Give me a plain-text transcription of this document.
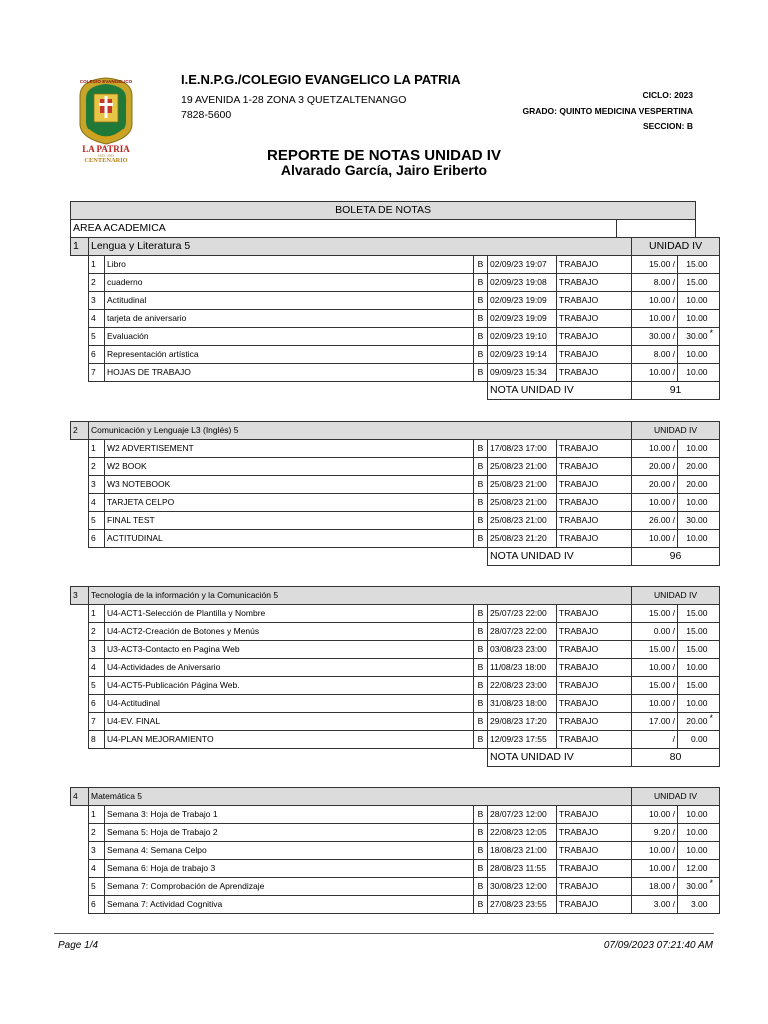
COLEGIO EVANGELICO
LA PATRIA
1923 - 2023
CENTENARIO
I.E.N.P.G./COLEGIO EVANGELICO LA PATRIA
19 AVENIDA 1-28 ZONA 3 QUETZALTENANGO
7828-5600
CICLO: 2023
GRADO: QUINTO MEDICINA VESPERTINA
SECCION: B
REPORTE DE NOTAS UNIDAD IV
Alvarado García, Jairo Eriberto
BOLETA DE NOTAS
AREA ACADEMICA	
1	Lengua y Literatura 5					UNIDAD IV		
	1	Libro	B	02/09/23 19:07	TRABAJO	15.00 /	15.00	
	2	cuaderno	B	02/09/23 19:08	TRABAJO	8.00 /	15.00	
	3	Actitudinal	B	02/09/23 19:09	TRABAJO	10.00 /	10.00	
	4	tarjeta de aniversario	B	02/09/23 19:09	TRABAJO	10.00 /	10.00	
	5	Evaluación	B	02/09/23 19:10	TRABAJO	30.00 /	30.00	*
	6	Representación artística	B	02/09/23 19:14	TRABAJO	8.00 /	10.00	
	7	HOJAS DE TRABAJO	B	09/09/23 15:34	TRABAJO	10.00 /	10.00	
				NOTA UNIDAD IV		91		
2	Comunicación y Lenguaje L3 (Inglés) 5					UNIDAD IV		
	1	W2 ADVERTISEMENT	B	17/08/23 17:00	TRABAJO	10.00 /	10.00	
	2	W2 BOOK	B	25/08/23 21:00	TRABAJO	20.00 /	20.00	
	3	W3 NOTEBOOK	B	25/08/23 21:00	TRABAJO	20.00 /	20.00	
	4	TARJETA CELPO	B	25/08/23 21:00	TRABAJO	10.00 /	10.00	
	5	FINAL TEST	B	25/08/23 21:00	TRABAJO	26.00 /	30.00	
	6	ACTITUDINAL	B	25/08/23 21:20	TRABAJO	10.00 /	10.00	
				NOTA UNIDAD IV		96		
3	Tecnología de la información y la Comunicación 5					UNIDAD IV		
	1	U4-ACT1-Selección de Plantilla y Nombre	B	25/07/23 22:00	TRABAJO	15.00 /	15.00	
	2	U4-ACT2-Creación de Botones y Menús	B	28/07/23 22:00	TRABAJO	0.00 /	15.00	
	3	U3-ACT3-Contacto en Pagina Web	B	03/08/23 23:00	TRABAJO	15.00 /	15.00	
	4	U4-Actividades de Aniversario	B	11/08/23 18:00	TRABAJO	10.00 /	10.00	
	5	U4-ACT5-Publicación Página Web.	B	22/08/23 23:00	TRABAJO	15.00 /	15.00	
	6	U4-Actitudinal	B	31/08/23 18:00	TRABAJO	10.00 /	10.00	
	7	U4-EV. FINAL	B	29/08/23 17:20	TRABAJO	17.00 /	20.00	*
	8	U4-PLAN MEJORAMIENTO	B	12/09/23 17:55	TRABAJO	/	0.00	
				NOTA UNIDAD IV		80		
4	Matemática 5					UNIDAD IV		
	1	Semana 3: Hoja de Trabajo 1	B	28/07/23 12:00	TRABAJO	10.00 /	10.00	
	2	Semana 5: Hoja de Trabajo 2	B	22/08/23 12:05	TRABAJO	9.20 /	10.00	
	3	Semana 4: Semana Celpo	B	18/08/23 21:00	TRABAJO	10.00 /	10.00	
	4	Semana 6: Hoja de trabajo 3	B	28/08/23 11:55	TRABAJO	10.00 /	12.00	
	5	Semana 7: Comprobación de Aprendizaje	B	30/08/23 12:00	TRABAJO	18.00 /	30.00	*
	6	Semana 7: Actividad Cognitiva	B	27/08/23 23:55	TRABAJO	3.00 /	3.00	
Page 1/4	07/09/2023 07:21:40 AM
